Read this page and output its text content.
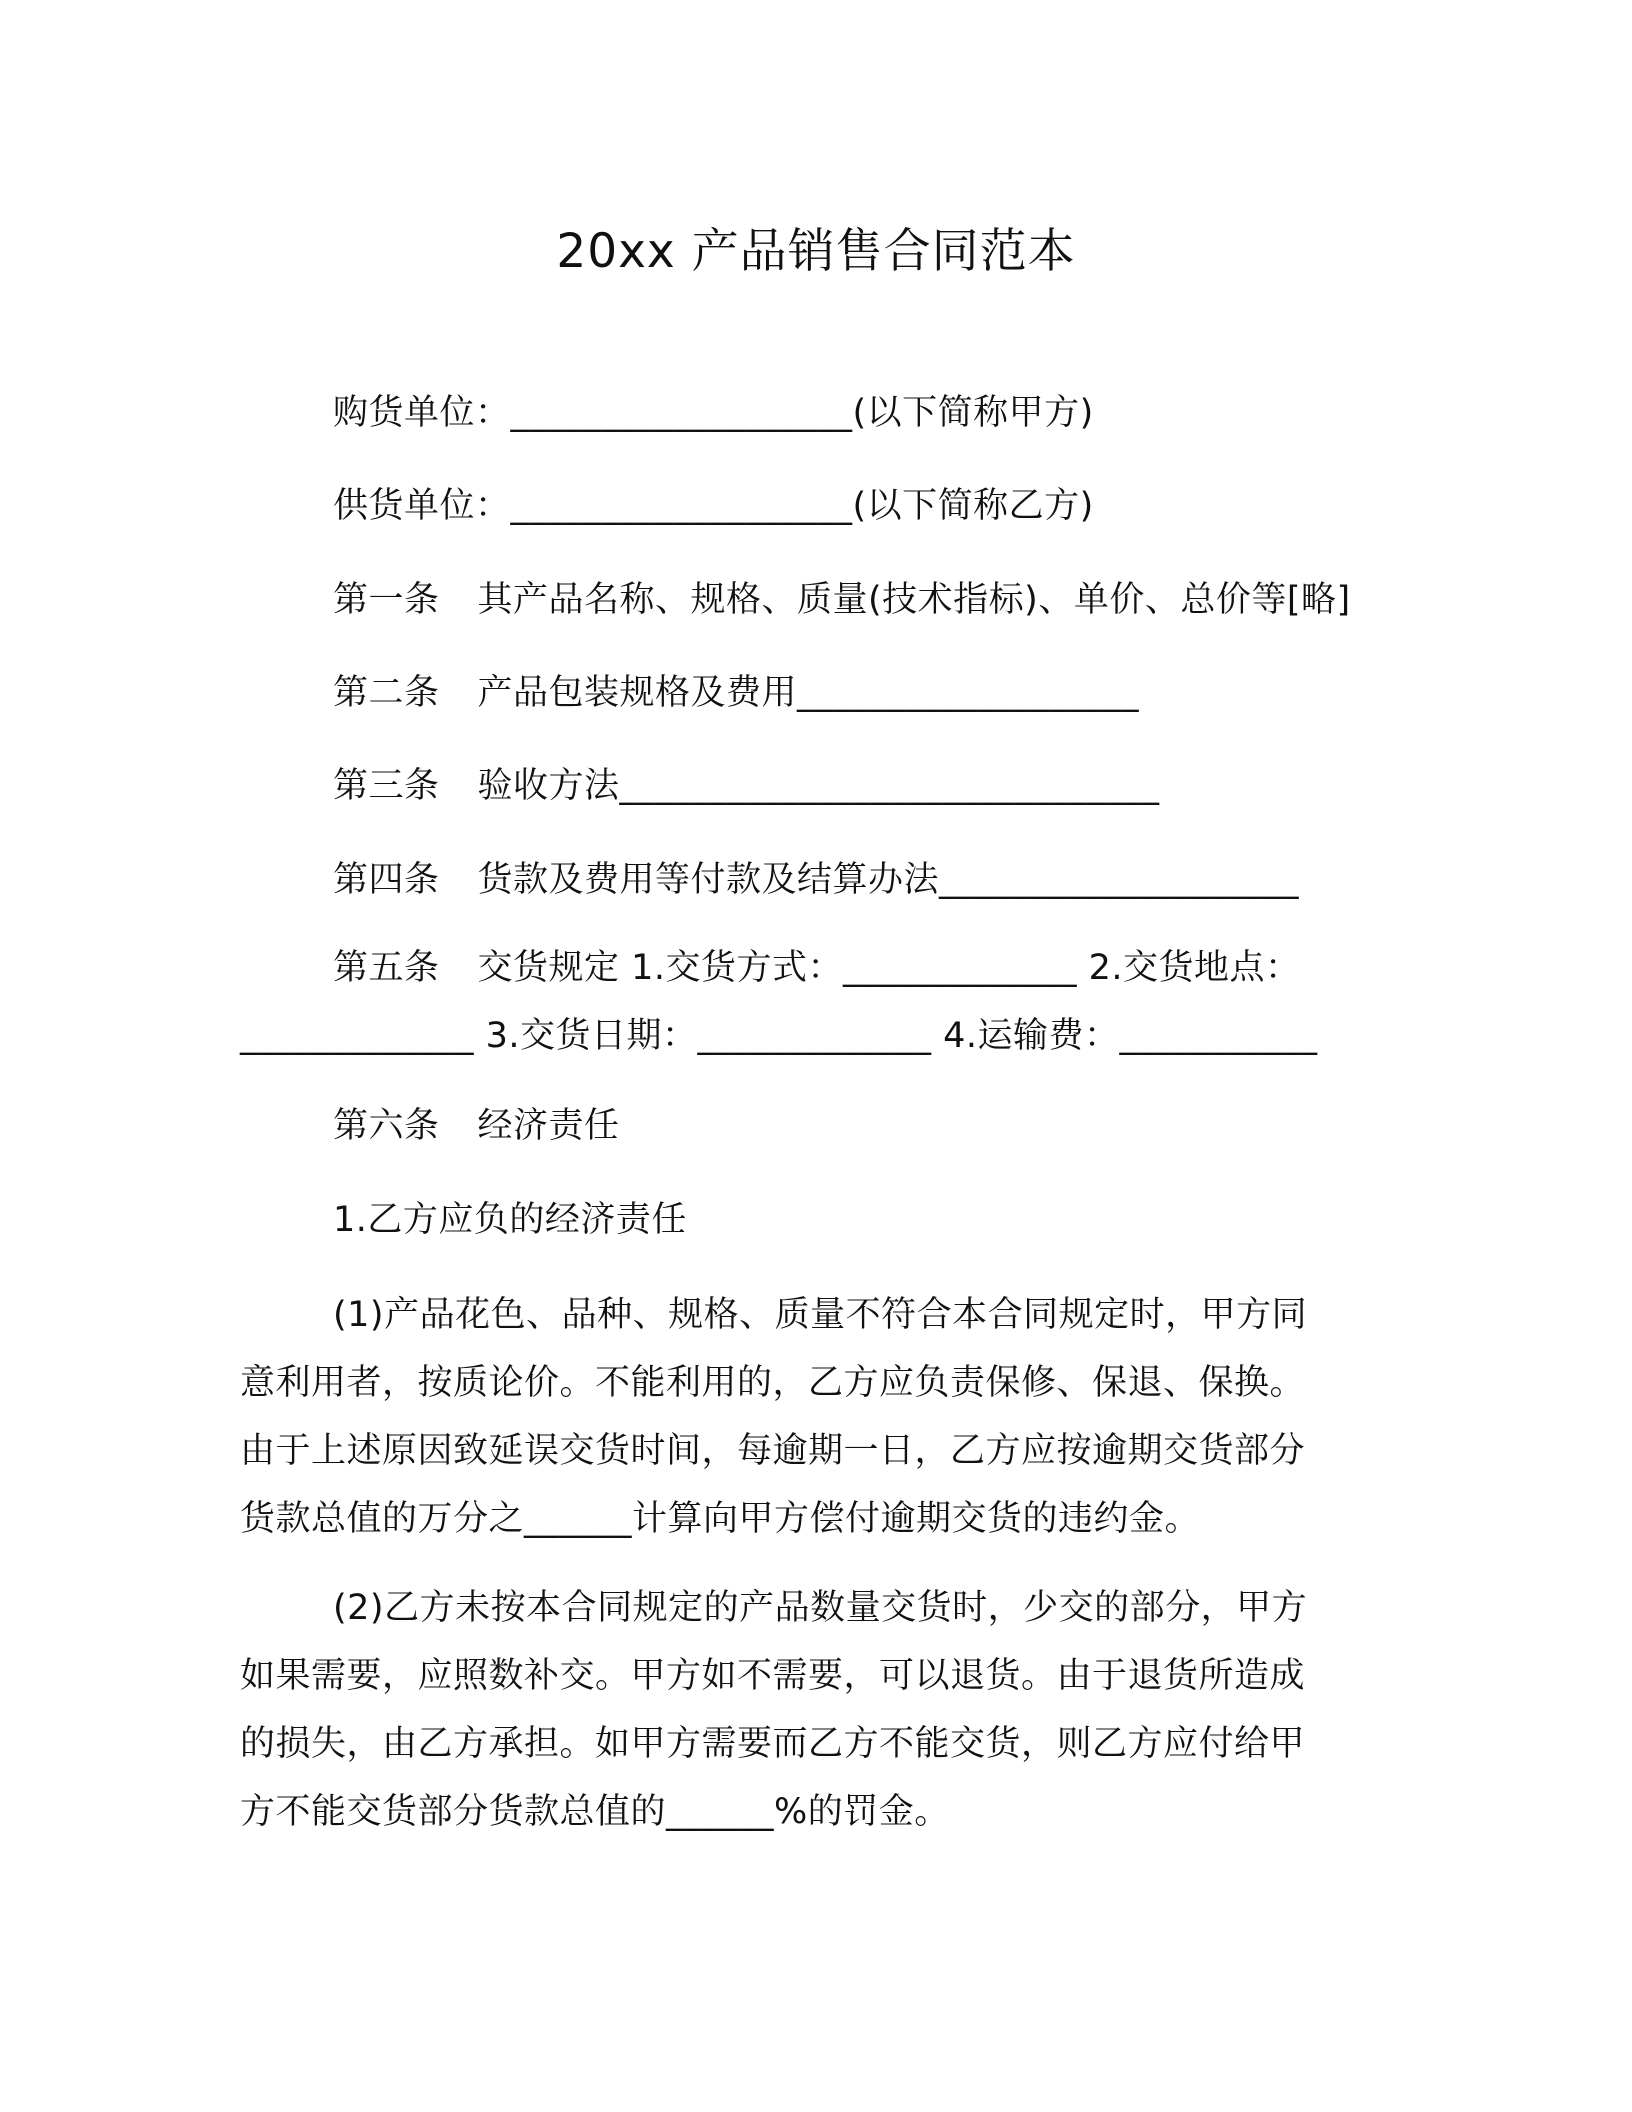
20xx 产品销售合同范本
购货单位：___________________(以下简称甲方)
供货单位：___________________(以下简称乙方)
第一条 其产品名称、规格、质量(技术指标)、单价、总价等[略]
第二条 产品包装规格及费用___________________
第三条 验收方法______________________________
第四条 货款及费用等付款及结算办法____________________
第五条 交货规定 1.交货方式：_____________ 2.交货地点：
_____________ 3.交货日期：_____________ 4.运输费：___________
第六条 经济责任
1.乙方应负的经济责任
(1)产品花色、品种、规格、质量不符合本合同规定时，甲方同
意利用者，按质论价。不能利用的，乙方应负责保修、保退、保换。
由于上述原因致延误交货时间，每逾期一日，乙方应按逾期交货部分
货款总值的万分之______计算向甲方偿付逾期交货的违约金。
(2)乙方未按本合同规定的产品数量交货时，少交的部分，甲方
如果需要，应照数补交。甲方如不需要，可以退货。由于退货所造成
的损失，由乙方承担。如甲方需要而乙方不能交货，则乙方应付给甲
方不能交货部分货款总值的______%的罚金。
